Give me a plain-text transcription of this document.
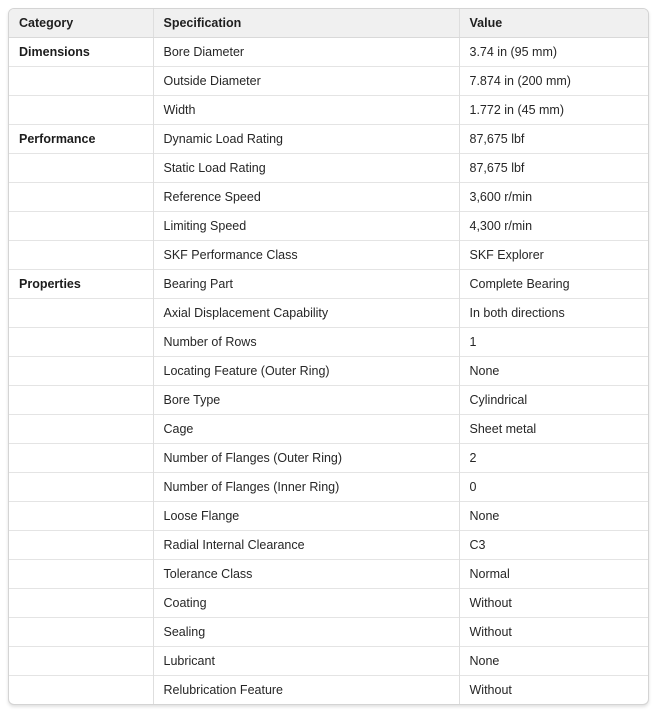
Category	Specification	Value
Dimensions	Bore Diameter	3.74 in (95 mm)
	Outside Diameter	7.874 in (200 mm)
	Width	1.772 in (45 mm)
Performance	Dynamic Load Rating	87,675 lbf
	Static Load Rating	87,675 lbf
	Reference Speed	3,600 r/min
	Limiting Speed	4,300 r/min
	SKF Performance Class	SKF Explorer
Properties	Bearing Part	Complete Bearing
	Axial Displacement Capability	In both directions
	Number of Rows	1
	Locating Feature (Outer Ring)	None
	Bore Type	Cylindrical
	Cage	Sheet metal
	Number of Flanges (Outer Ring)	2
	Number of Flanges (Inner Ring)	0
	Loose Flange	None
	Radial Internal Clearance	C3
	Tolerance Class	Normal
	Coating	Without
	Sealing	Without
	Lubricant	None
	Relubrication Feature	Without
